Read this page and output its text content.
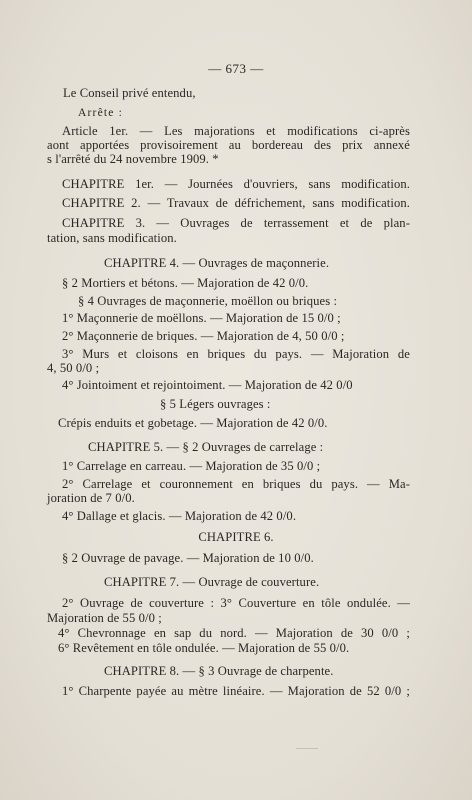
— 673 —
Le Conseil privé entendu,
Arrête :
Article 1er. — Les majorations et modifications ci-après
aont apportées provisoirement au bordereau des prix annexé
s l'arrêté du 24 novembre 1909. *
CHAPITRE 1er. — Journées d'ouvriers, sans modification.
CHAPITRE 2. — Travaux de défrichement, sans modification.
CHAPITRE 3. — Ouvrages de terrassement et de plan-
tation, sans modification.
CHAPITRE 4. — Ouvrages de maçonnerie.
§ 2 Mortiers et bétons. — Majoration de 42 0/0.
§ 4 Ouvrages de maçonnerie, moëllon ou briques :
1° Maçonnerie de moëllons. — Majoration de 15 0/0 ;
2° Maçonnerie de briques. — Majoration de 4, 50 0/0 ;
3° Murs et cloisons en briques du pays. — Majoration de
4, 50 0/0 ;
4° Jointoiment et rejointoiment. — Majoration de 42 0/0
§ 5 Légers ouvrages :
Crépis enduits et gobetage. — Majoration de 42 0/0.
CHAPITRE 5. — § 2 Ouvrages de carrelage :
1° Carrelage en carreau. — Majoration de 35 0/0 ;
2° Carrelage et couronnement en briques du pays. — Ma-
joration de 7 0/0.
4° Dallage et glacis. — Majoration de 42 0/0.
CHAPITRE 6.
§ 2 Ouvrage de pavage. — Majoration de 10 0/0.
CHAPITRE 7. — Ouvrage de couverture.
2° Ouvrage de couverture : 3° Couverture en tôle ondulée. —
Majoration de 55 0/0 ;
4° Chevronnage en sap du nord. — Majoration de 30 0/0 ;
6° Revêtement en tôle ondulée. — Majoration de 55 0/0.
CHAPITRE 8. — § 3 Ouvrage de charpente.
1° Charpente payée au mètre linéaire. — Majoration de 52 0/0 ;
